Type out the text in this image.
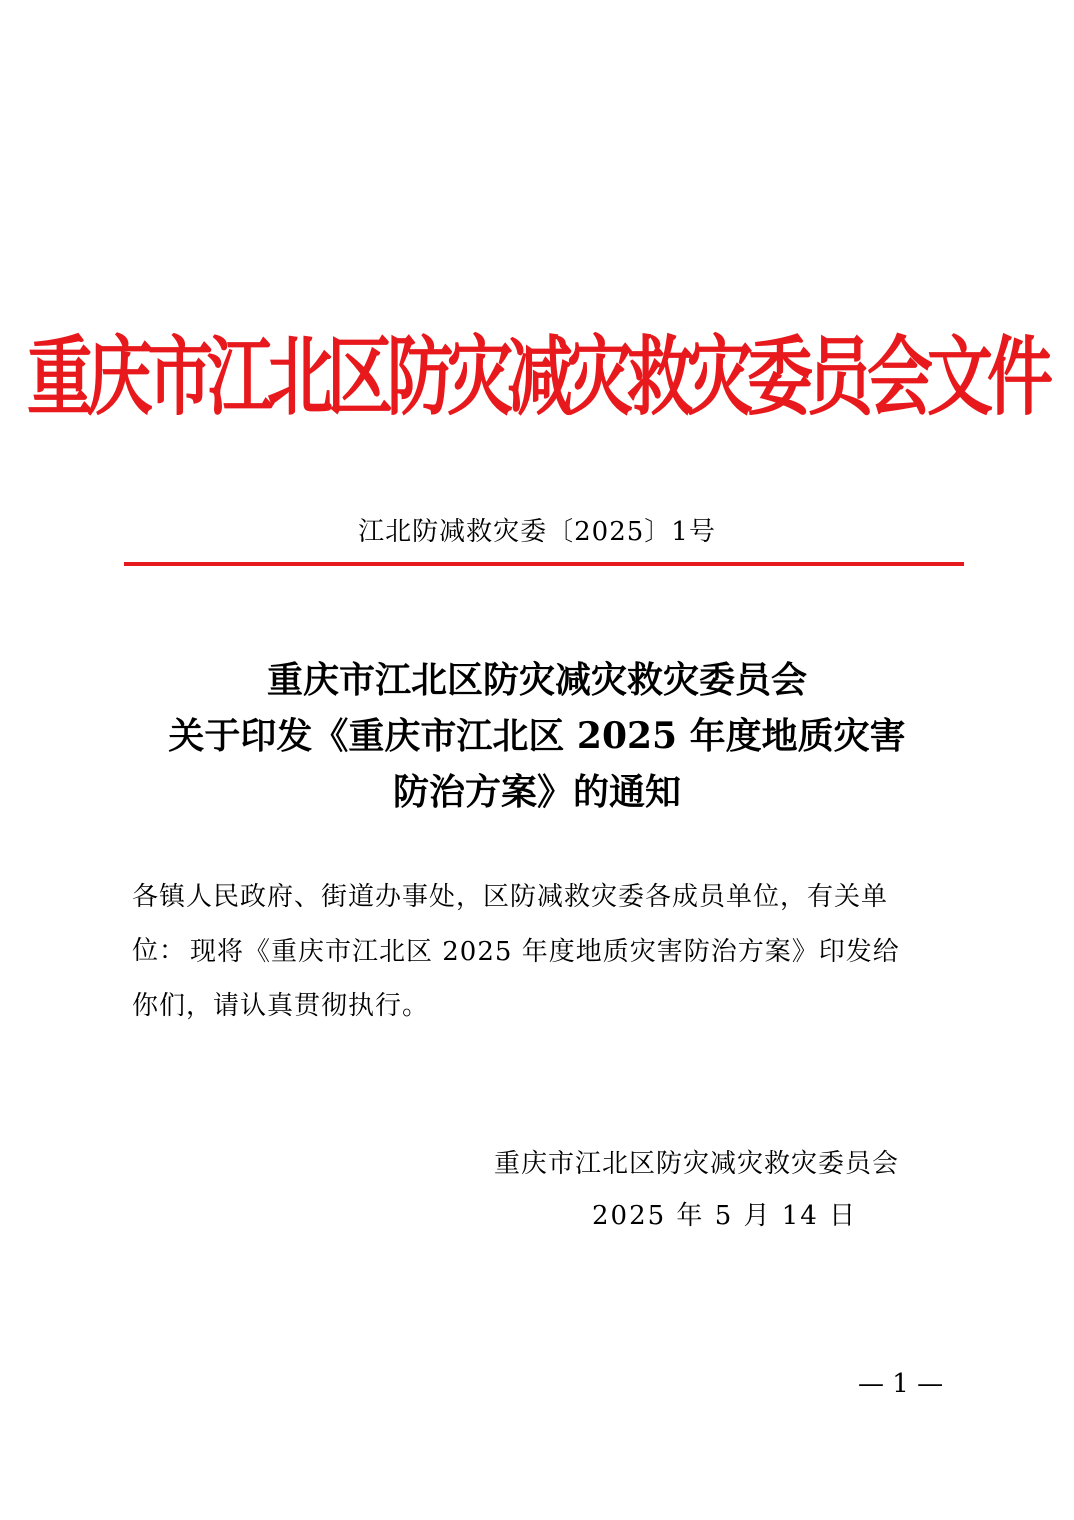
重庆市江北区防灾减灾救灾委员会文件
江北防减救灾委〔2025〕1号
重庆市江北区防灾减灾救灾委员会
关于印发《重庆市江北区 2025 年度地质灾害
防治方案》的通知
各镇人民政府、街道办事处，区防减救灾委各成员单位，有关单位： 现将《重庆市江北区 2025 年度地质灾害防治方案》印发给
你们，请认真贯彻执行。
重庆市江北区防灾减灾救灾委员会
2025 年 5 月 14 日
— 1 —
